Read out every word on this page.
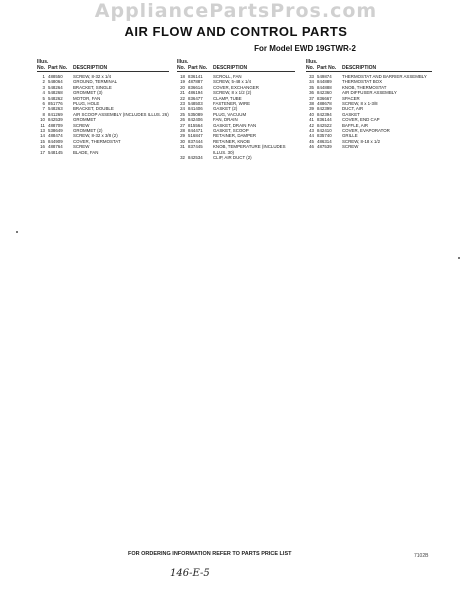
AppliancePartsPros.com
AIR FLOW AND CONTROL PARTS
For Model EWD 19GTWR-2
Illus. No. Part No.	DESCRIPTION
1 488550	SCREW, 8-32 x 1/4
2 548064	GROUND, TERMINAL
3 548264	BRACKET, SINGLE
4 548268	GROMMET (3)
5 548262	MOTOR, FAN
6 851776	PLUG, HOLE
7 548263	BRACKET, DOUBLE
8 841269	AIR SCOOP ASSEMBLY (INCLUDES ILLUS. 26)
10 842539	GROMMET
11 488709	SCREW
13 538649	GROMMET (2)
14 488474	SCREW, 8-32 x 3/8 (2)
15 844909	COVER, THERMOSTAT
16 488764	SCREW
17 548145	BLADE, FAN
Illus. No. Part No.	DESCRIPTION
18 836141	SCROLL, FAN
19 487887	SCREW, 5-48 x 1/4
20 836614	COVER, EXCHANGER
21 486194	SCREW, 8 x 1/2 (2)
22 836477	CLAMP, TUBE
23 548503	FASTENER, WIRE
24 841406	GASKET (2)
25 535089	PLUG, VACUUM
26 842406	FAN, DRAIN
27 815564	GASKET, DRAIN FAN
28 844471	GASKET, SCOOP
29 516847	RETAINER, DAMPER
30 837444	RETAINER, KNOB
31 837445	KNOB, TEMPERATURE (INCLUDES ILLUS. 30)
32 842534	CLIP, AIR DUCT (2)
Illus. No. Part No.	DESCRIPTION
33 549874	THERMOSTAT AND BARRIER ASSEMBLY
34 844889	THERMOSTAT BOX
35 844888	KNOB, THERMOSTAT
36 842360	AIR DIFFUSER ASSEMBLY
37 836667	SPACER
38 488678	SCREW, 8 x 1-3/8
39 842399	DUCT, AIR
40 842394	GASKET
41 836144	COVER, END CAP
42 842522	BAFFLE, AIR
43 842410	COVER, EVAPORATOR
44 835740	GRILLE
45 486314	SCREW, 8-18 x 1/2
46 487539	SCREW
FOR ORDERING INFORMATION REFER TO PARTS PRICE LIST	7102B
146-E-5
